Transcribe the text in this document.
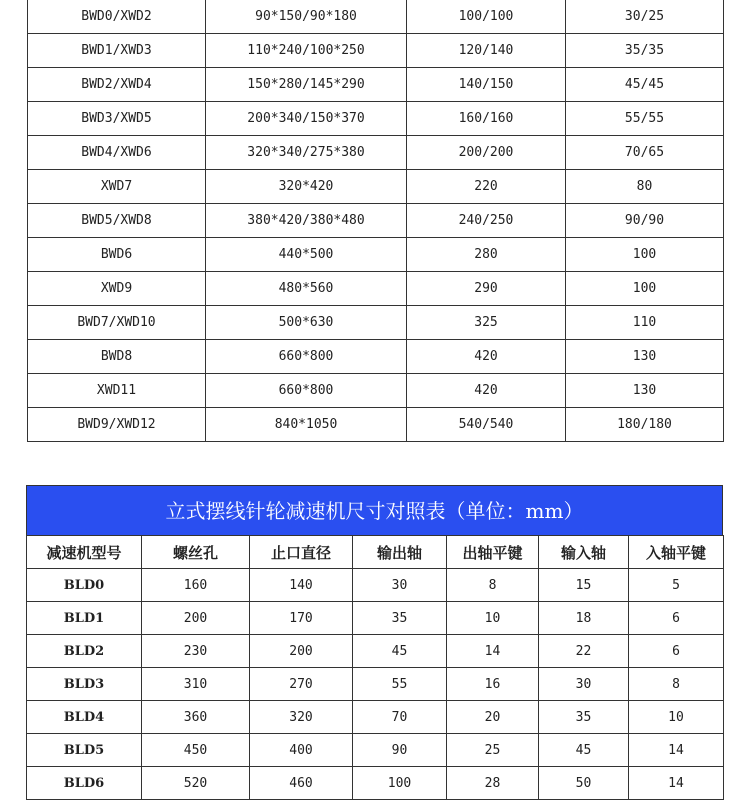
BWD0/XWD2	90*150/90*180	100/100	30/25
BWD1/XWD3	110*240/100*250	120/140	35/35
BWD2/XWD4	150*280/145*290	140/150	45/45
BWD3/XWD5	200*340/150*370	160/160	55/55
BWD4/XWD6	320*340/275*380	200/200	70/65
XWD7	320*420	220	80
BWD5/XWD8	380*420/380*480	240/250	90/90
BWD6	440*500	280	100
XWD9	480*560	290	100
BWD7/XWD10	500*630	325	110
BWD8	660*800	420	130
XWD11	660*800	420	130
BWD9/XWD12	840*1050	540/540	180/180
立式摆线针轮减速机尺寸对照表（单位：mm）
减速机型号	螺丝孔	止口直径	输出轴	出轴平键	输入轴	入轴平键
BLD0	160	140	30	8	15	5
BLD1	200	170	35	10	18	6
BLD2	230	200	45	14	22	6
BLD3	310	270	55	16	30	8
BLD4	360	320	70	20	35	10
BLD5	450	400	90	25	45	14
BLD6	520	460	100	28	50	14
